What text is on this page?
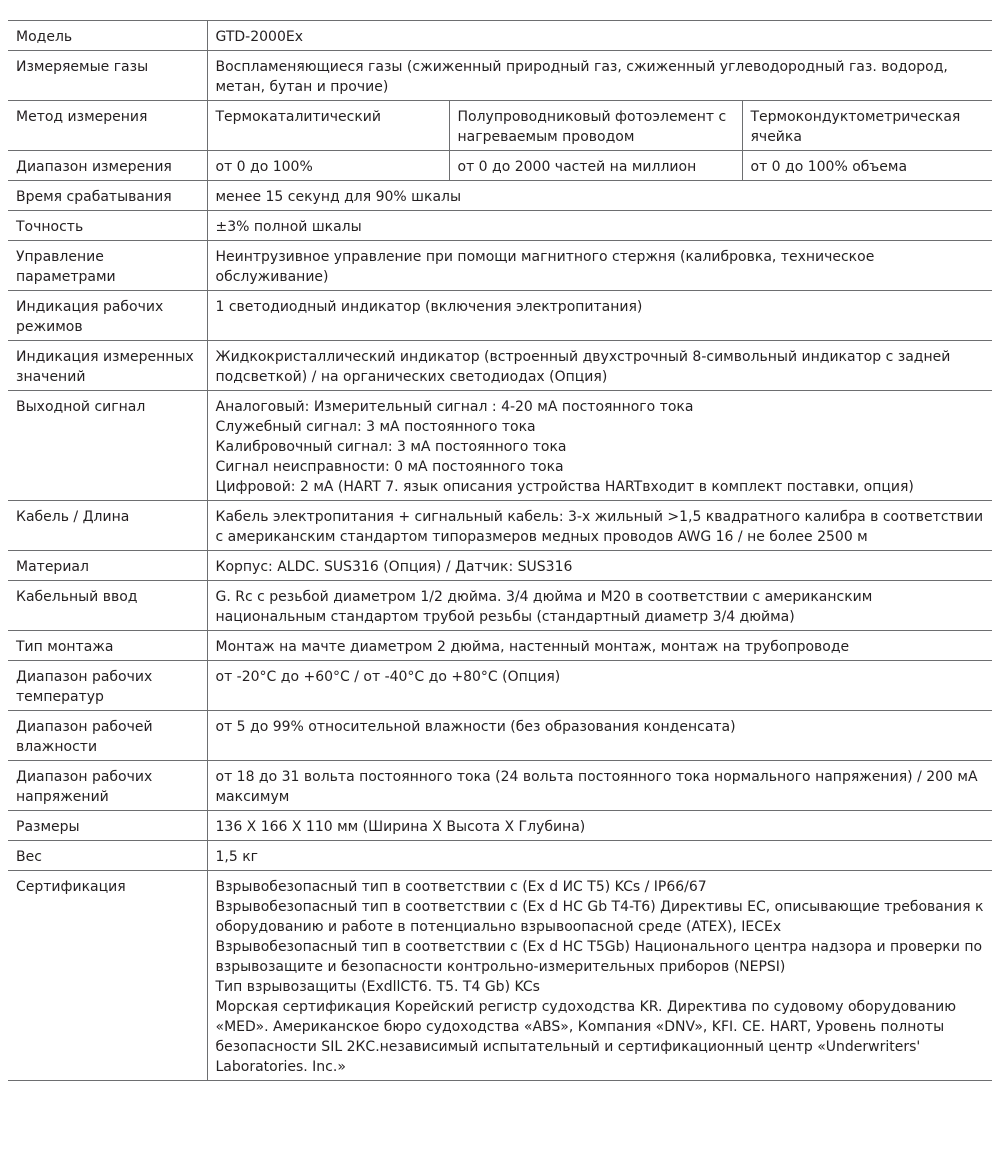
Модель	GTD-2000Ex		
Измеряемые газы	Воспламеняющиеся газы (сжиженный природный газ, сжиженный углеводородный газ. водород, метан, бутан и прочие)		
Метод измерения	Термокаталитический	Полупроводниковый фотоэлемент с нагреваемым проводом	Термокондуктометрическая ячейка
Диапазон измерения	от 0 до 100%	от 0 до 2000 частей на миллион	от 0 до 100% объема
Время срабатывания	менее 15 секунд для 90% шкалы		
Точность	±3% полной шкалы		
Управление параметрами	Неинтрузивное управление при помощи магнитного стержня (калибровка, техническое обслуживание)		
Индикация рабочих режимов	1 светодиодный индикатор (включения электропитания)		
Индикация измеренных значений	Жидкокристаллический индикатор (встроенный двухстрочный 8-символьный индикатор с задней подсветкой) / на органических светодиодах (Опция)		
Выходной сигнал	Аналоговый: Измерительный сигнал : 4-20 мА постоянного тока
Служебный сигнал: 3 мА постоянного тока
Калибровочный сигнал: 3 мА постоянного тока
Сигнал неисправности: 0 мА постоянного тока
Цифровой: 2 мА (HART 7. язык описания устройства HARTвходит в комплект поставки, опция)		

Кабель / Длина	Кабель электропитания + сигнальный кабель: 3-х жильный >1,5 квадратного калибра в соответствии с американским стандартом типоразмеров медных проводов AWG 16 / не более 2500 м		
Материал	Корпус: ALDC. SUS316 (Опция) / Датчик: SUS316		
Кабельный ввод	G. Rc с резьбой диаметром 1/2 дюйма. 3/4 дюйма и M20 в соответствии с американским национальным стандартом трубой резьбы (стандартный диаметр 3/4 дюйма)		
Тип монтажа	Монтаж на мачте диаметром 2 дюйма, настенный монтаж, монтаж на трубопроводе		
Диапазон рабочих температур	от -20°C до +60°C / от -40°C до +80°C (Опция)		
Диапазон рабочей влажности	от 5 до 99% относительной влажности (без образования конденсата)		
Диапазон рабочих напряжений	от 18 до 31 вольта постоянного тока (24 вольта постоянного тока нормального напряжения) / 200 мА максимум		
Размеры	136 X 166 X 110 мм (Ширина X Высота X Глубина)		
Вес	1,5 кг		
Сертификация	Взрывобезопасный тип в соответствии с (Ex d ИС T5) KCs / IP66/67
Взрывобезопасный тип в соответствии с (Ex d HC Gb T4-T6) Директивы ЕС, описывающие требования к оборудованию и работе в потенциально взрывоопасной среде (ATEX), IECEx
Взрывобезопасный тип в соответствии с (Ex d HC T5Gb) Национального центра надзора и проверки по взрывозащите и безопасности контрольно-измерительных приборов (NEPSI)
Тип взрывозащиты (ExdllCT6. T5. T4 Gb) KCs
Морская сертификация Корейский регистр судоходства KR. Директива по судовому оборудованию «MED». Американское бюро судоходства «ABS», Компания «DNV», KFI. CE. HART, Уровень полноты безопасности SIL 2КС.независимый испытательный и сертификационный центр «Underwriters' Laboratories. Inc.»		
